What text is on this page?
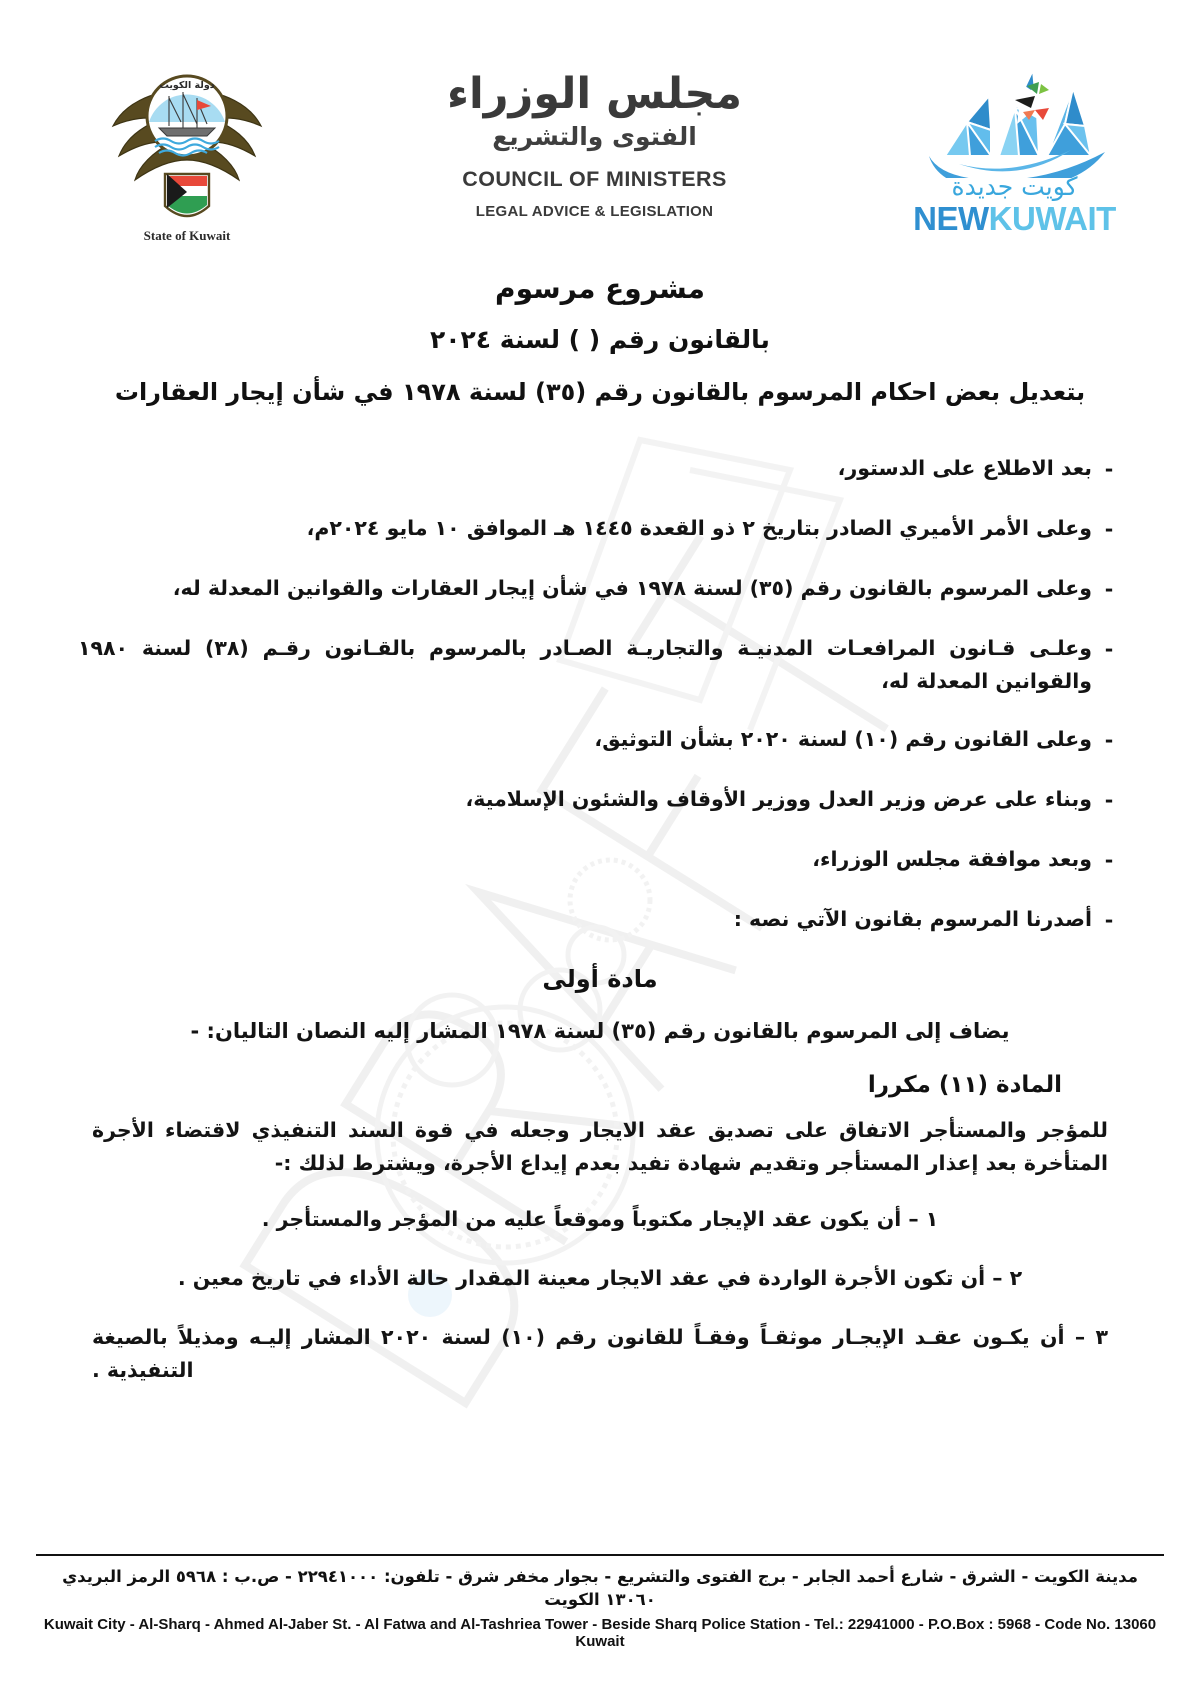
دولة الكويت
State of Kuwait
مجلس الوزراء
الفتوى والتشريع
COUNCIL OF MINISTERS
LEGAL ADVICE & LEGISLATION
كويت جديدة
NEWKUWAIT
مشروع مرسوم
بالقانون رقم ( ) لسنة ٢٠٢٤
بتعديل بعض احكام المرسوم بالقانون رقم (٣٥) لسنة ١٩٧٨ في شأن إيجار العقارات
-
بعد الاطلاع على الدستور،
-
وعلى الأمر الأميري الصادر بتاريخ ٢ ذو القعدة ١٤٤٥ هـ الموافق ١٠ مايو ٢٠٢٤م،
-
وعلى المرسوم بالقانون رقم (٣٥) لسنة ١٩٧٨ في شأن إيجار العقارات والقوانين المعدلة له،
-
وعلـى قـانون المرافعـات المدنيـة والتجاريـة الصـادر بالمرسوم بالقـانون رقـم (٣٨) لسنة ١٩٨٠ والقوانين المعدلة له،
-
وعلى القانون رقم (١٠) لسنة ٢٠٢٠ بشأن التوثيق،
-
وبناء على عرض وزير العدل ووزير الأوقاف والشئون الإسلامية،
-
وبعد موافقة مجلس الوزراء،
-
أصدرنا المرسوم بقانون الآتي نصه :
مادة أولى
يضاف إلى المرسوم بالقانون رقم (٣٥) لسنة ١٩٧٨ المشار إليه النصان التاليان: -
المادة (١١) مكررا
للمؤجر والمستأجر الاتفاق على تصديق عقد الايجار وجعله في قوة السند التنفيذي لاقتضاء الأجرة المتأخرة بعد إعذار المستأجر وتقديم شهادة تفيد بعدم إيداع الأجرة، ويشترط لذلك :-
١ – أن يكون عقد الإيجار مكتوباً وموقعاً عليه من المؤجر والمستأجر .
٢ – أن تكون الأجرة الواردة في عقد الايجار معينة المقدار حالة الأداء في تاريخ معين .
٣ – أن يكـون عقـد الإيجـار موثقـاً وفقـاً للقانون رقم (١٠) لسنة ٢٠٢٠ المشار إليـه ومذيلاً بالصيغة التنفيذية .
مدينة الكويت - الشرق - شارع أحمد الجابر - برج الفتوى والتشريع - بجوار مخفر شرق - تلفون: ٢٢٩٤١٠٠٠ - ص.ب : ٥٩٦٨ الرمز البريدي ١٣٠٦٠ الكويت
Kuwait City - Al-Sharq - Ahmed Al-Jaber St. - Al Fatwa and Al-Tashriea Tower - Beside Sharq Police Station - Tel.: 22941000 - P.O.Box : 5968 - Code No. 13060 Kuwait
